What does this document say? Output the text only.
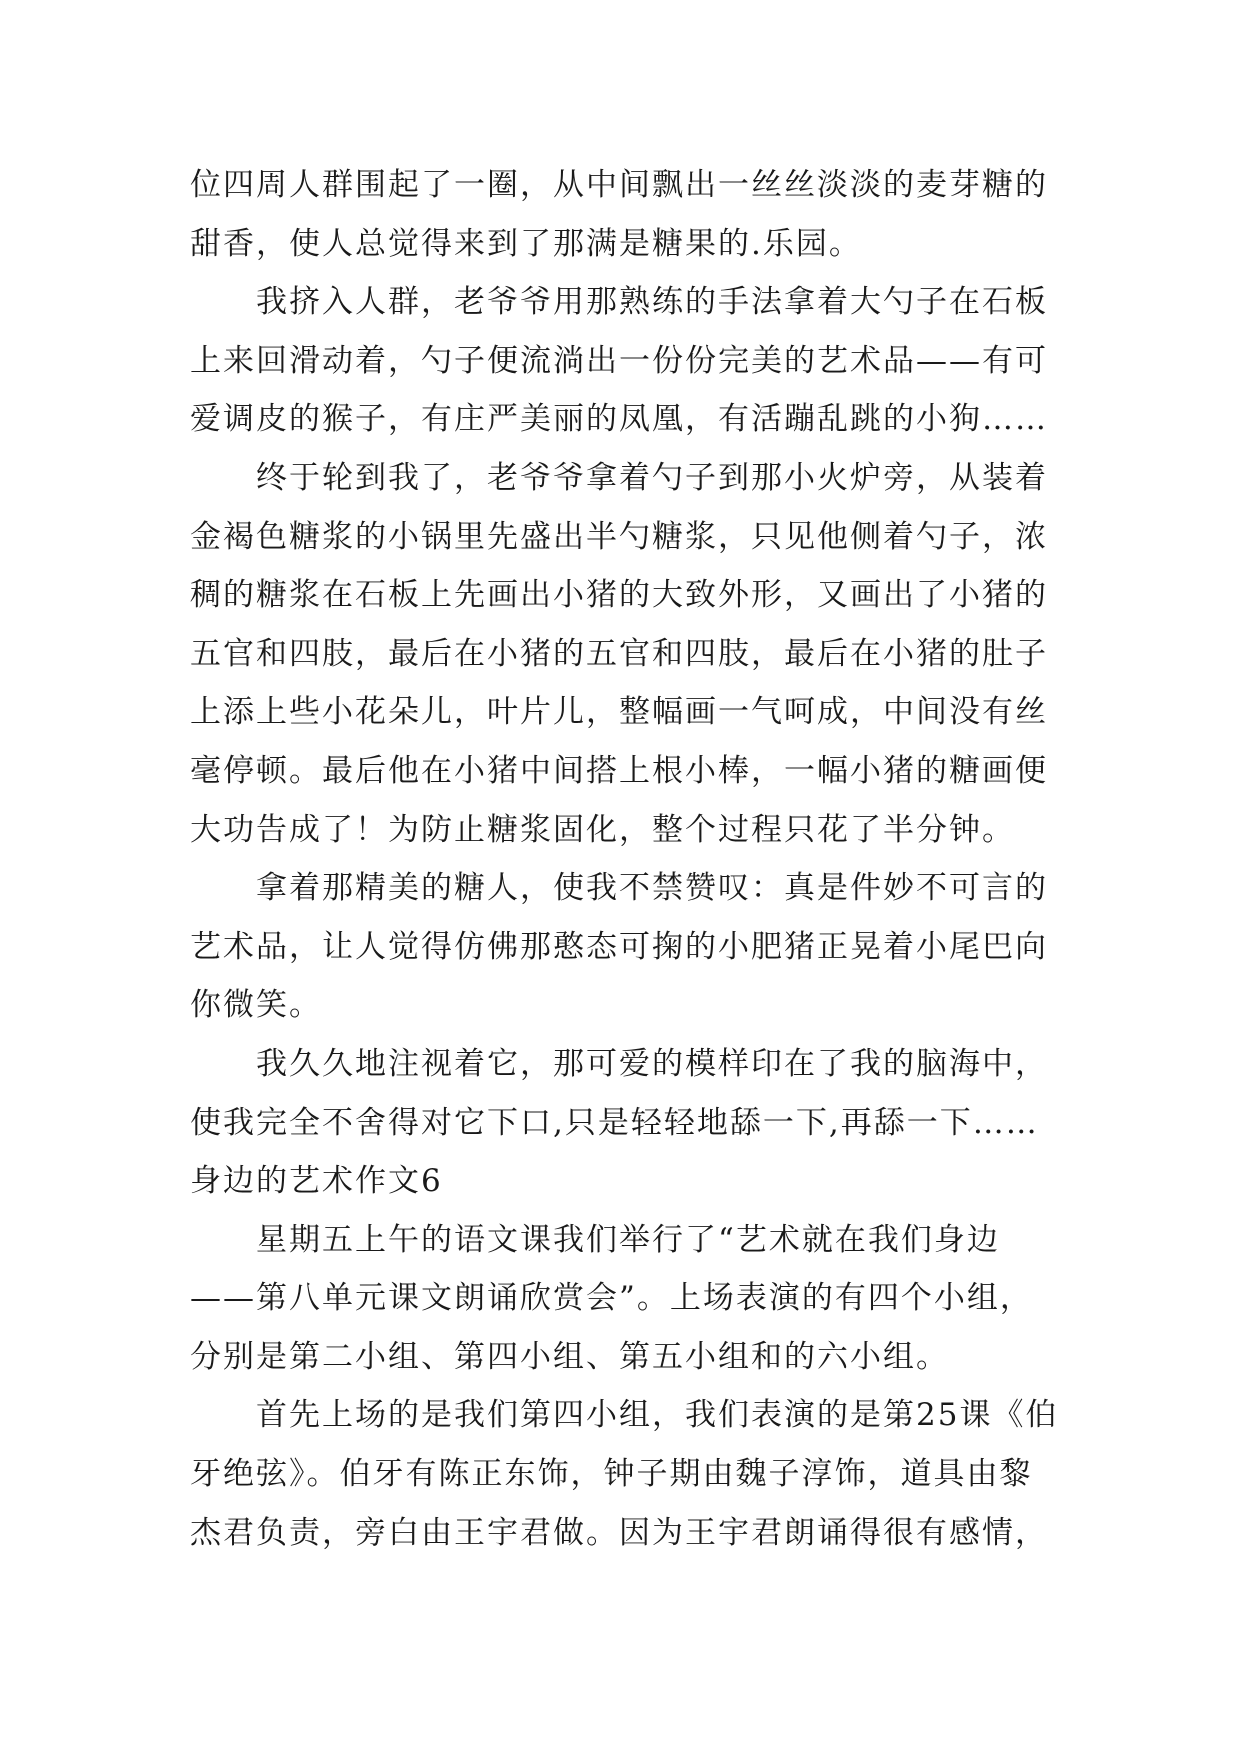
位四周人群围起了一圈，从中间飘出一丝丝淡淡的麦芽糖的
甜香，使人总觉得来到了那满是糖果的.乐园。
我挤入人群，老爷爷用那熟练的手法拿着大勺子在石板
上来回滑动着，勺子便流淌出一份份完美的艺术品——有可
爱调皮的猴子，有庄严美丽的凤凰，有活蹦乱跳的小狗……
终于轮到我了，老爷爷拿着勺子到那小火炉旁，从装着
金褐色糖浆的小锅里先盛出半勺糖浆，只见他侧着勺子，浓
稠的糖浆在石板上先画出小猪的大致外形，又画出了小猪的
五官和四肢，最后在小猪的五官和四肢，最后在小猪的肚子
上添上些小花朵儿，叶片儿，整幅画一气呵成，中间没有丝
毫停顿。最后他在小猪中间搭上根小棒，一幅小猪的糖画便
大功告成了！为防止糖浆固化，整个过程只花了半分钟。
拿着那精美的糖人，使我不禁赞叹：真是件妙不可言的
艺术品，让人觉得仿佛那憨态可掬的小肥猪正晃着小尾巴向
你微笑。
我久久地注视着它，那可爱的模样印在了我的脑海中，
使我完全不舍得对它下口,只是轻轻地舔一下,再舔一下……
身边的艺术作文6
星期五上午的语文课我们举行了“艺术就在我们身边
——第八单元课文朗诵欣赏会”。上场表演的有四个小组，
分别是第二小组、第四小组、第五小组和的六小组。
首先上场的是我们第四小组，我们表演的是第25课《伯
牙绝弦》。伯牙有陈正东饰，钟子期由魏子淳饰，道具由黎
杰君负责，旁白由王宇君做。因为王宇君朗诵得很有感情，
